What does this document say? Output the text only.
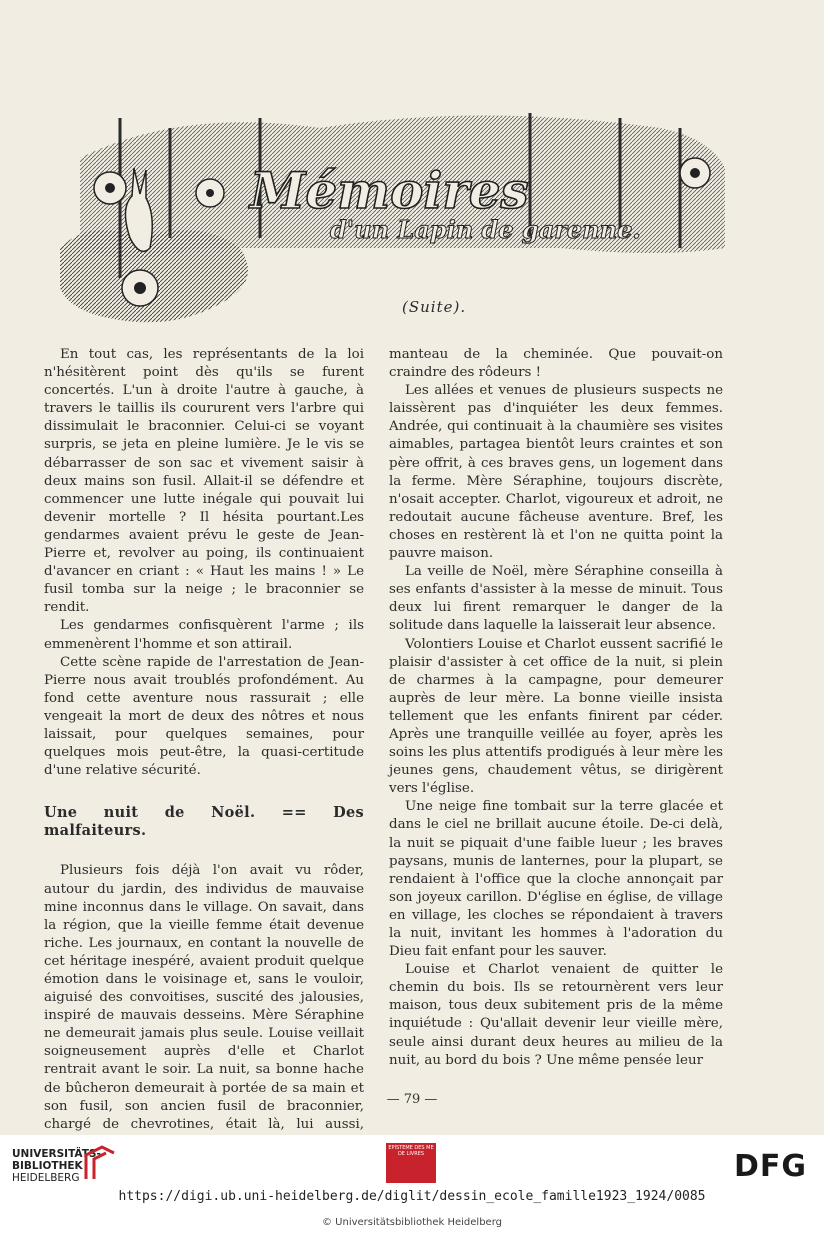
Mémoires
d'un Lapin de garenne.
(Suite).

En tout cas, les représentants de la loi n'hésitèrent point dès qu'ils se furent concertés. L'un à droite l'autre à gauche, à travers le taillis ils coururent vers l'arbre qui dissimulait le braconnier. Celui-ci se voyant surpris, se jeta en pleine lumière. Je le vis se débarrasser de son sac et vivement saisir à deux mains son fusil. Allait-il se défendre et commencer une lutte inégale qui pouvait lui devenir mortelle ? Il hésita pourtant.Les gendarmes avaient prévu le geste de Jean-Pierre et, revolver au poing, ils continuaient d'avancer en criant : « Haut les mains ! » Le fusil tomba sur la neige ; le braconnier se rendit.

Les gendarmes confisquèrent l'arme ; ils emmenèrent l'homme et son attirail.

Cette scène rapide de l'arrestation de Jean-Pierre nous avait troublés profondément. Au fond cette aventure nous rassurait ; elle vengeait la mort de deux des nôtres et nous laissait, pour quelques semaines, pour quelques mois peut-être, la quasi-certitude d'une relative sécurité.

Une nuit de Noël. == Des malfaiteurs.

Plusieurs fois déjà l'on avait vu rôder, autour du jardin, des individus de mauvaise mine inconnus dans le village. On savait, dans la région, que la vieille femme était devenue riche. Les journaux, en contant la nouvelle de cet héritage inespéré, avaient produit quelque émotion dans le voisinage et, sans le vouloir, aiguisé des convoitises, suscité des jalousies, inspiré de mauvais desseins. Mère Séraphine ne demeurait jamais plus seule. Louise veillait soigneusement auprès d'elle et Charlot rentrait avant le soir. La nuit, sa bonne hache de bûcheron demeurait à portée de sa main et son fusil, son ancien fusil de braconnier, chargé de chevrotines, était là, lui aussi,

manteau de la cheminée. Que pouvait-on craindre des rôdeurs !

Les allées et venues de plusieurs suspects ne laissèrent pas d'inquiéter les deux femmes. Andrée, qui continuait à la chaumière ses visites aimables, partagea bientôt leurs craintes et son père offrit, à ces braves gens, un logement dans la ferme. Mère Séraphine, toujours discrète, n'osait accepter. Charlot, vigoureux et adroit, ne redoutait aucune fâcheuse aventure. Bref, les choses en restèrent là et l'on ne quitta point la pauvre maison.

La veille de Noël, mère Séraphine conseilla à ses enfants d'assister à la messe de minuit. Tous deux lui firent remarquer le danger de la solitude dans laquelle la laisserait leur absence.

Volontiers Louise et Charlot eussent sacrifié le plaisir d'assister à cet office de la nuit, si plein de charmes à la campagne, pour demeurer auprès de leur mère. La bonne vieille insista tellement que les enfants finirent par céder. Après une tranquille veillée au foyer, après les soins les plus attentifs prodigués à leur mère les jeunes gens, chaudement vêtus, se dirigèrent vers l'église.

Une neige fine tombait sur la terre glacée et dans le ciel ne brillait aucune étoile. De-ci delà, la nuit se piquait d'une faible lueur ; les braves paysans, munis de lanternes, pour la plupart, se rendaient à l'office que la cloche annonçait par son joyeux carillon. D'église en église, de village en village, les cloches se répondaient à travers la nuit, invitant les hommes à l'adoration du Dieu fait enfant pour les sauver.

Louise et Charlot venaient de quitter le chemin du bois. Ils se retournèrent vers leur maison, tous deux subitement pris de la même inquiétude : Qu'allait devenir leur vieille mère, seule ainsi durant deux heures au milieu de la nuit, au bord du bois ? Une même pensée leur

— 79 —
UNIVERSITÄTS-
BIBLIOTHEK
HEIDELBERG
EPISTEME DES ME DE LIVRES	DFG
https://digi.ub.uni-heidelberg.de/diglit/dessin_ecole_famille1923_1924/0085
© Universitätsbibliothek Heidelberg
